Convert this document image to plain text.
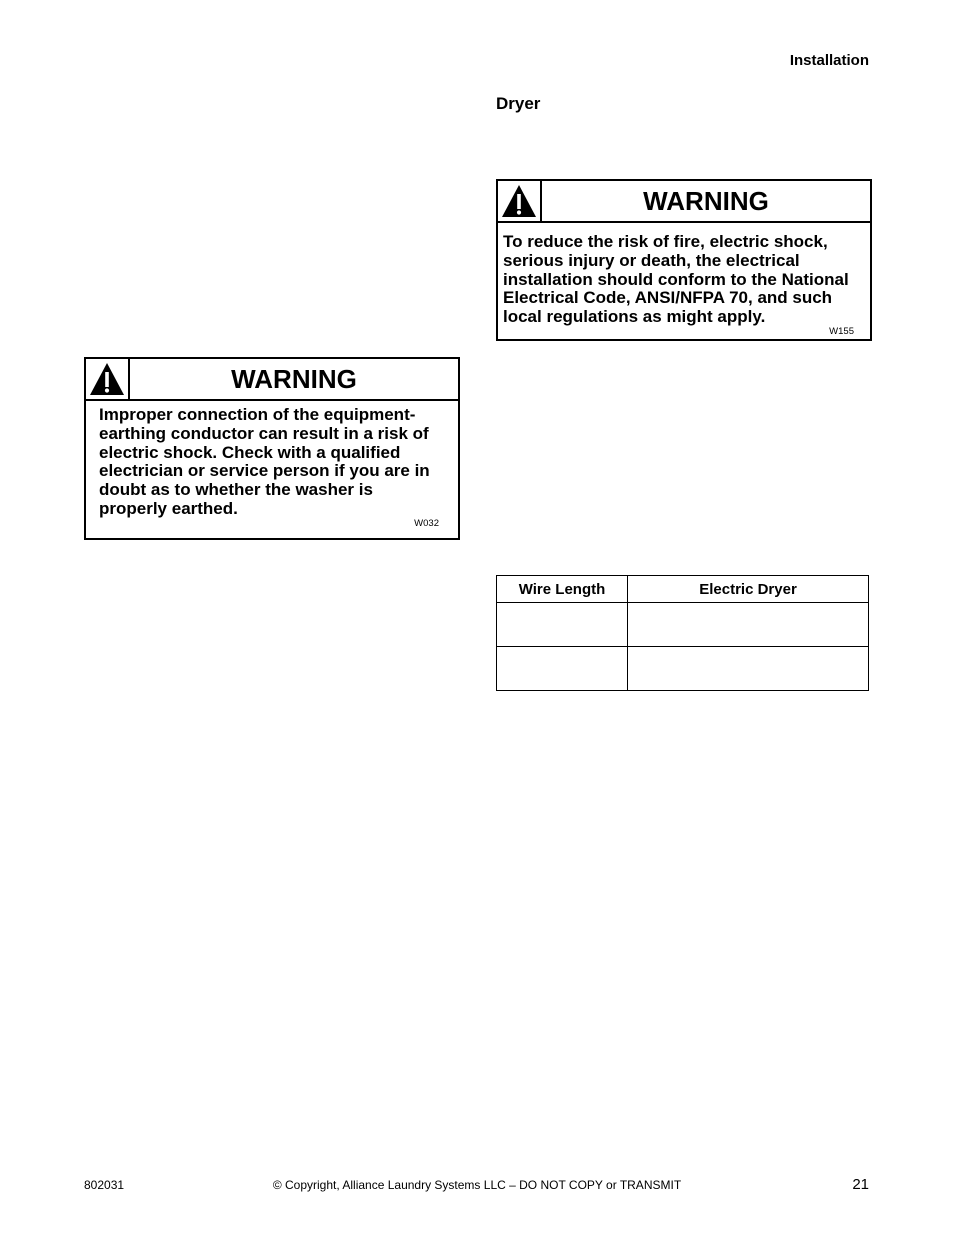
Installation
Dryer
WARNING
To reduce the risk of fire, electric shock, serious injury or death, the electrical installation should conform to the National Electrical Code, ANSI/NFPA 70, and such local regulations as might apply.
W155
WARNING
Improper connection of the equipment-earthing conductor can result in a risk of electric shock. Check with a qualified electrician or service person if you are in doubt as to whether the washer is properly earthed.
W032
Wire Length	Electric Dryer

802031	© Copyright, Alliance Laundry Systems LLC – DO NOT COPY or TRANSMIT	21
